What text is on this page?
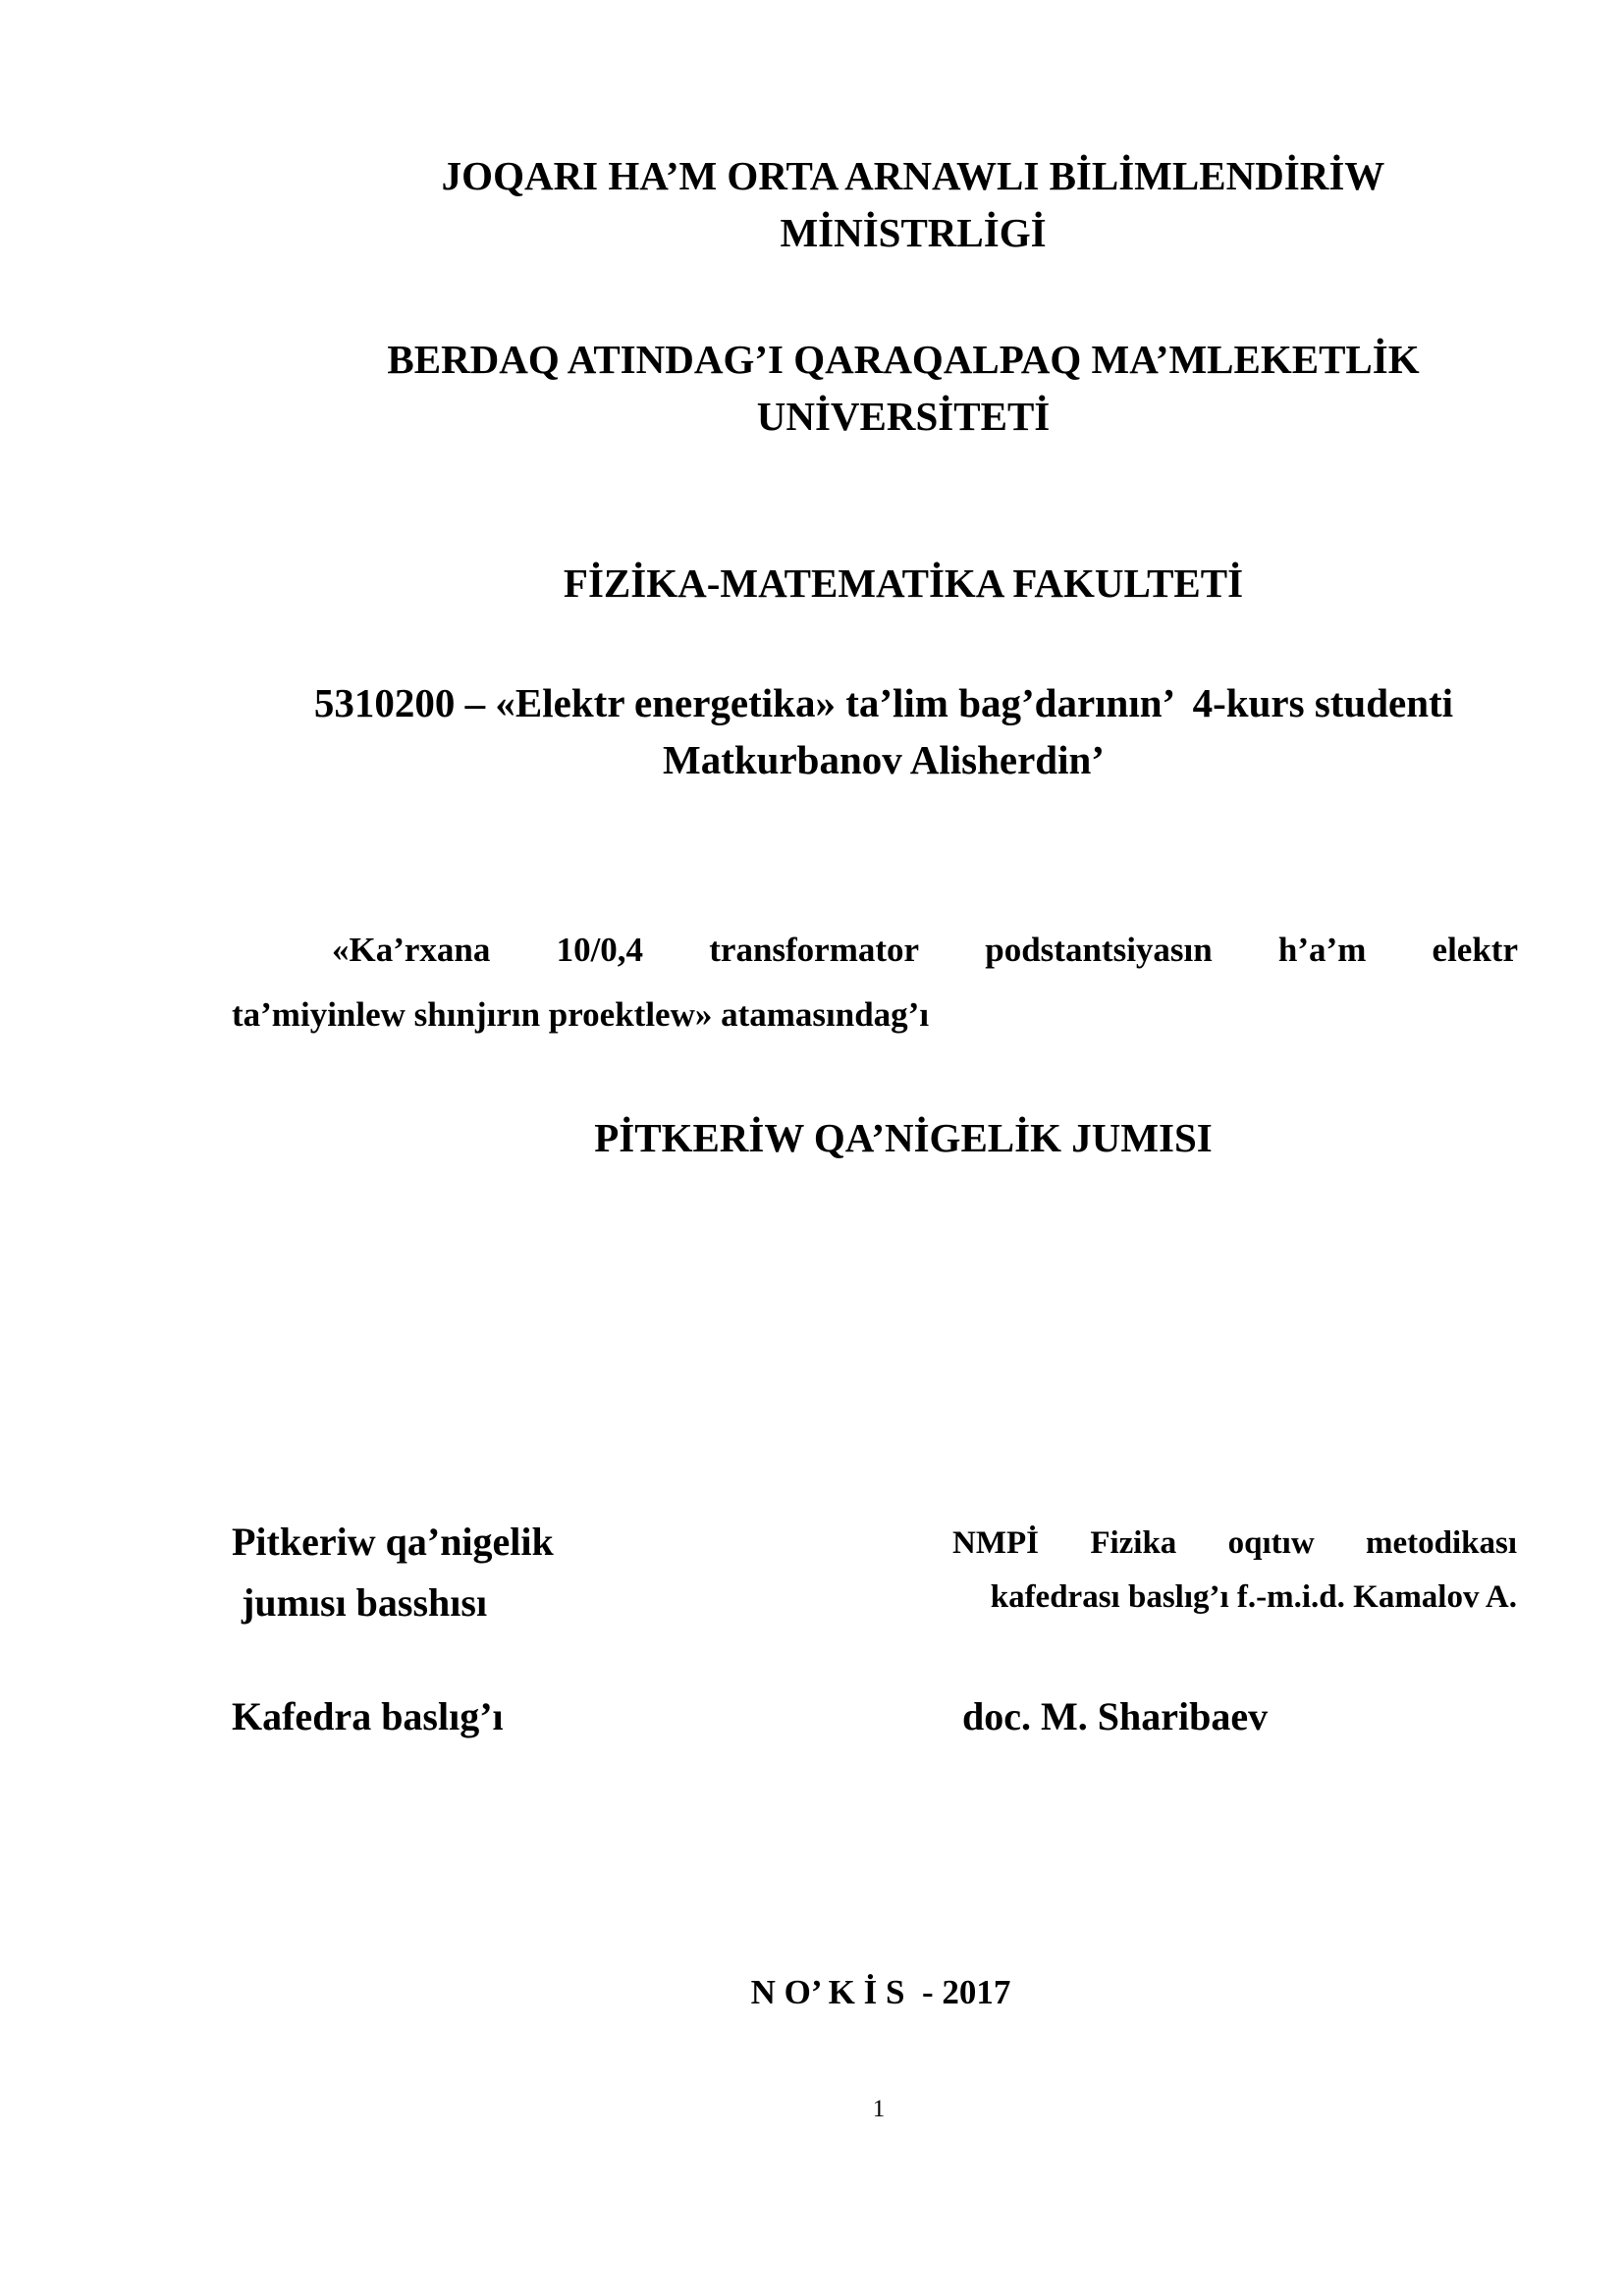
JOQARI HA’M ORTA ARNAWLI BİLİMLENDİRİW
MİNİSTRLİGİ
BERDAQ ATINDAG’I QARAQALPAQ MA’MLEKETLİK
UNİVERSİTETİ
FİZİKA-MATEMATİKA FAKULTETİ
5310200 – «Elektr energetika» ta’lim bag’darının’  4-kurs studenti
Matkurbanov Alisherdin’
«Ka’rxana 10/0,4 transformator podstantsiyasın h’a’m elektr
ta’miyinlew shınjırın proektlew» atamasındag’ı
PİTKERİW QA’NİGELİK JUMISI
Pitkeriw qa’nigelik
jumısı basshısı
NMPİ Fizika oqıtıw metodikası
kafedrası baslıg’ı f.-m.i.d. Kamalov A.
Kafedra baslıg’ı	doc. M. Sharibaev
N O’ K İ S  - 2017
1
